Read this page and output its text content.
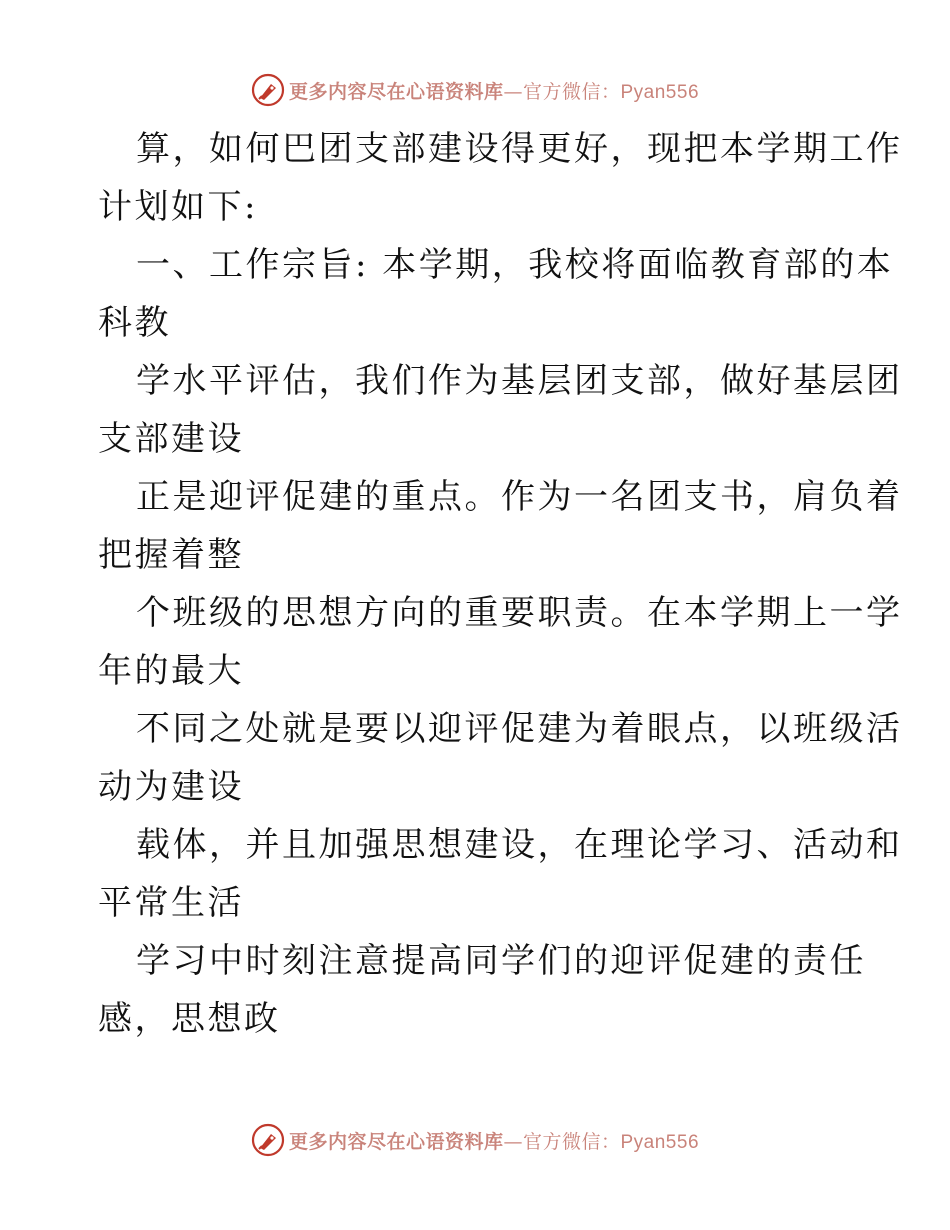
更多内容尽在心语资料库—官方微信：Pyan556
算，如何巴团支部建设得更好，现把本学期工作
计划如下:
一、工作宗旨: 本学期，我校将面临教育部的本
科教
学水平评估，我们作为基层团支部，做好基层团
支部建设
正是迎评促建的重点。作为一名团支书，肩负着
把握着整
个班级的思想方向的重要职责。在本学期上一学
年的最大
不同之处就是要以迎评促建为着眼点，以班级活
动为建设
载体，并且加强思想建设，在理论学习、活动和
平常生活
学习中时刻注意提高同学们的迎评促建的责任
感，思想政
更多内容尽在心语资料库—官方微信：Pyan556
